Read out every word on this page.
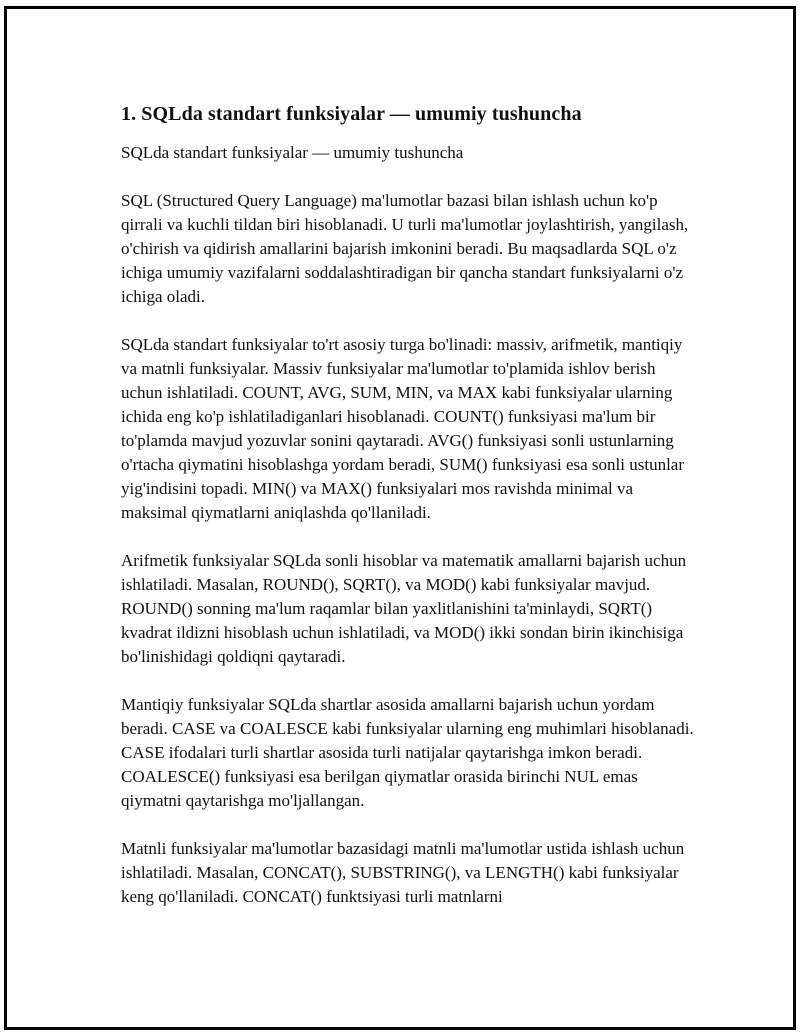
1. SQLda standart funksiyalar — umumiy tushuncha

SQLda standart funksiyalar — umumiy tushuncha

SQL (Structured Query Language) ma'lumotlar bazasi bilan ishlash uchun ko'p qirrali va kuchli tildan biri hisoblanadi. U turli ma'lumotlar joylashtirish, yangilash, o'chirish va qidirish amallarini bajarish imkonini beradi. Bu maqsadlarda SQL o'z ichiga umumiy vazifalarni soddalashtiradigan bir qancha standart funksiyalarni o'z ichiga oladi.

SQLda standart funksiyalar to'rt asosiy turga bo'linadi: massiv, arifmetik, mantiqiy va matnli funksiyalar. Massiv funksiyalar ma'lumotlar to'plamida ishlov berish uchun ishlatiladi. COUNT, AVG, SUM, MIN, va MAX kabi funksiyalar ularning ichida eng ko'p ishlatiladiganlari hisoblanadi. COUNT() funksiyasi ma'lum bir to'plamda mavjud yozuvlar sonini qaytaradi. AVG() funksiyasi sonli ustunlarning o'rtacha qiymatini hisoblashga yordam beradi, SUM() funksiyasi esa sonli ustunlar yig'indisini topadi. MIN() va MAX() funksiyalari mos ravishda minimal va maksimal qiymatlarni aniqlashda qo'llaniladi.

Arifmetik funksiyalar SQLda sonli hisoblar va matematik amallarni bajarish uchun ishlatiladi. Masalan, ROUND(), SQRT(), va MOD() kabi funksiyalar mavjud. ROUND() sonning ma'lum raqamlar bilan yaxlitlanishini ta'minlaydi, SQRT() kvadrat ildizni hisoblash uchun ishlatiladi, va MOD() ikki sondan birin ikinchisiga bo'linishidagi qoldiqni qaytaradi.

Mantiqiy funksiyalar SQLda shartlar asosida amallarni bajarish uchun yordam beradi. CASE va COALESCE kabi funksiyalar ularning eng muhimlari hisoblanadi. CASE ifodalari turli shartlar asosida turli natijalar qaytarishga imkon beradi. COALESCE() funksiyasi esa berilgan qiymatlar orasida birinchi NUL emas qiymatni qaytarishga mo'ljallangan.

Matnli funksiyalar ma'lumotlar bazasidagi matnli ma'lumotlar ustida ishlash uchun ishlatiladi. Masalan, CONCAT(), SUBSTRING(), va LENGTH() kabi funksiyalar keng qo'llaniladi. CONCAT() funktsiyasi turli matnlarni
